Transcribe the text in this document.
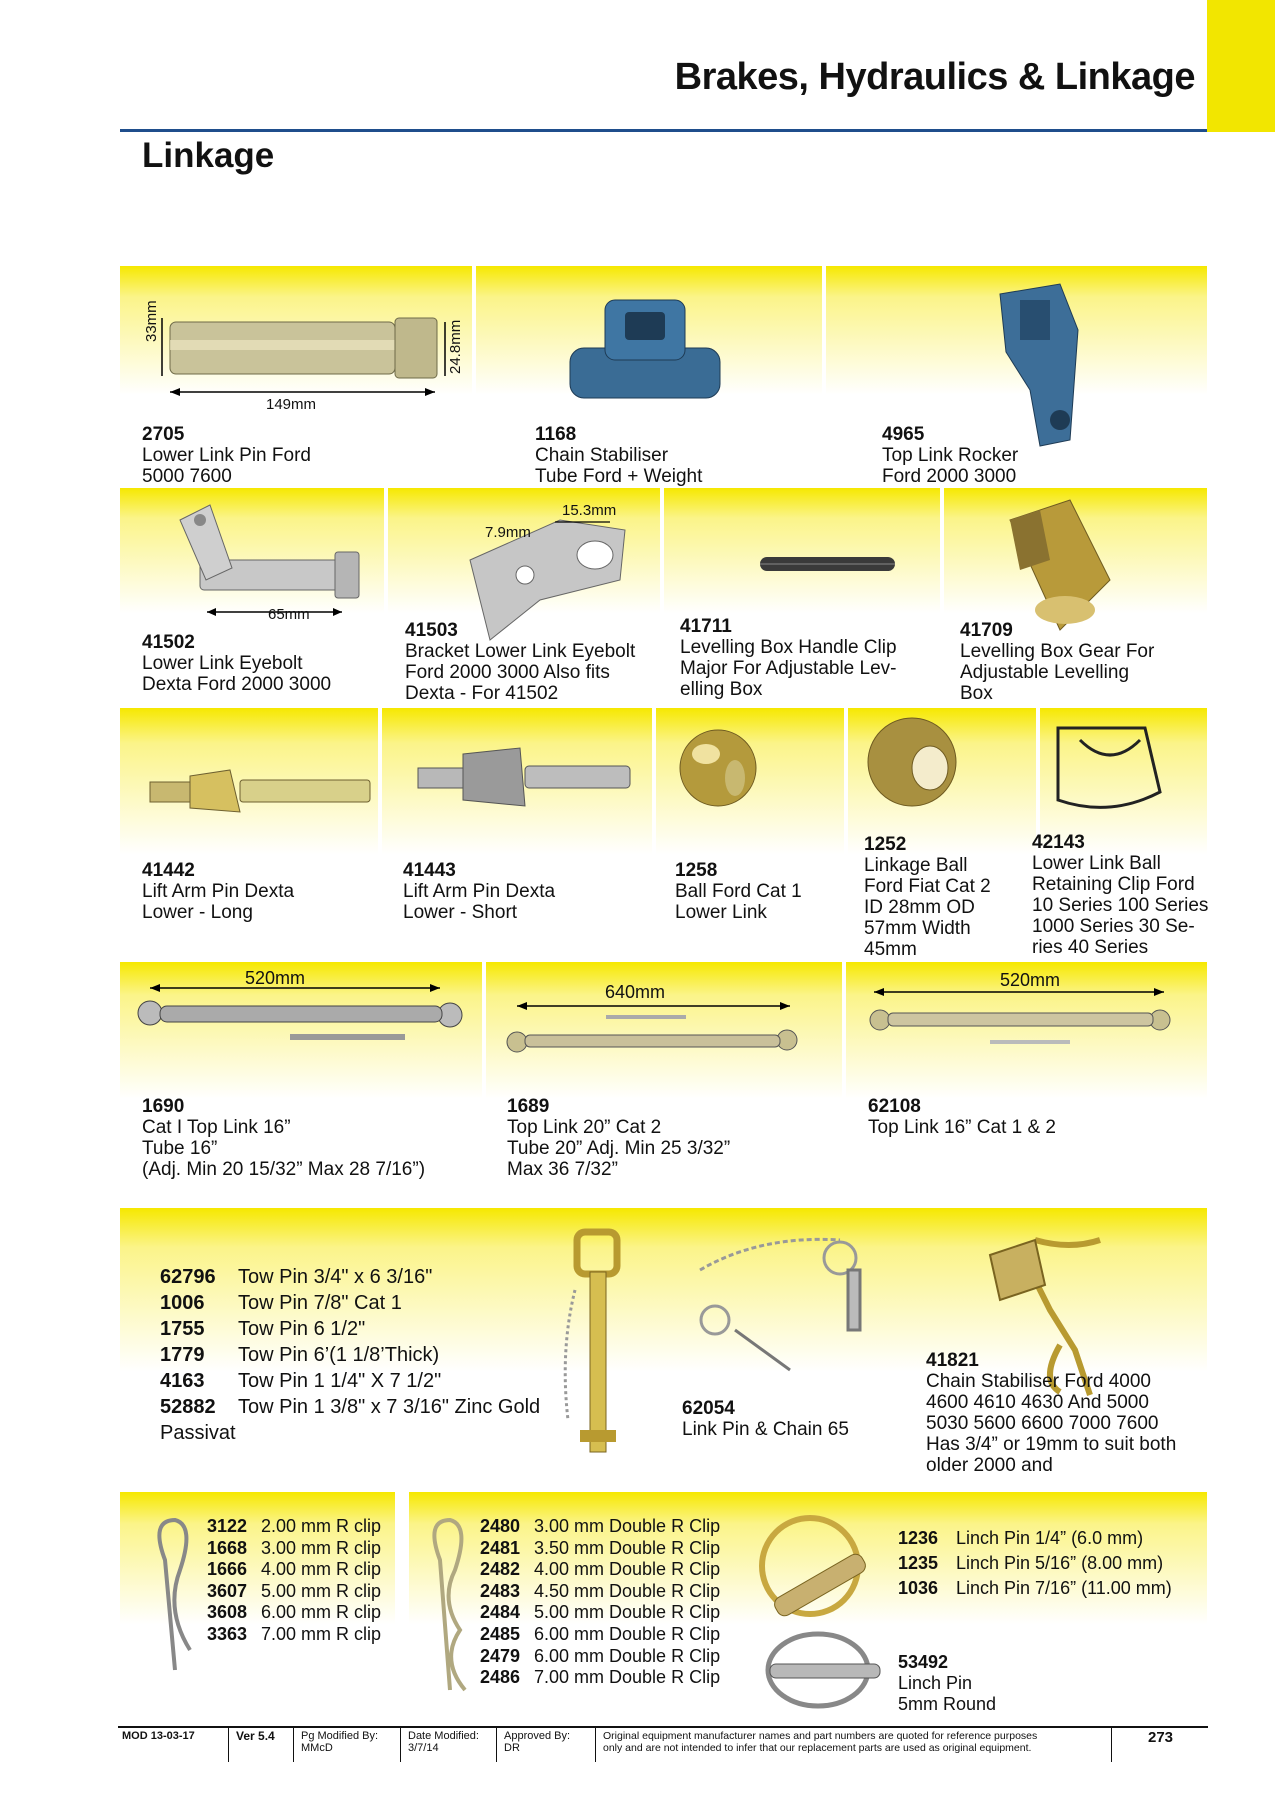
Brakes, Hydraulics & Linkage
Linkage
33mm	24.8mm
149mm
2705
Lower Link Pin Ford
5000 7600
1168
Chain Stabiliser
Tube Ford + Weight
4965
Top Link Rocker
Ford 2000 3000
65mm
7.9mm
15.3mm
41502
Lower Link Eyebolt
Dexta Ford 2000 3000
41503
Bracket Lower Link Eyebolt
Ford 2000 3000 Also fits
Dexta - For 41502
41711
Levelling Box Handle Clip
Major For Adjustable Lev-
elling Box
41709
Levelling Box Gear For
Adjustable Levelling
Box
41442
Lift Arm Pin Dexta
Lower - Long
41443
Lift Arm Pin Dexta
Lower - Short
1258
Ball Ford Cat 1
Lower Link
1252
Linkage Ball
Ford Fiat Cat 2
ID 28mm OD
57mm Width
45mm
42143
Lower Link Ball
Retaining Clip Ford
10 Series 100 Series
1000 Series 30 Se-
ries 40 Series
520mm
640mm
520mm
1690
Cat I Top Link 16”
Tube 16”
(Adj. Min 20 15/32” Max 28 7/16”)
1689
Top Link 20” Cat 2
Tube 20” Adj. Min 25 3/32”
Max 36 7/32”
62108
Top Link 16” Cat 1 & 2
62796 Tow Pin 3/4" x 6 3/16"
1006 Tow Pin 7/8" Cat 1
1755 Tow Pin 6 1/2"
1779 Tow Pin 6’(1 1/8’Thick)
4163 Tow Pin 1 1/4" X 7 1/2"
52882 Tow Pin 1 3/8" x 7 3/16" Zinc Gold
Passivat
62054
Link Pin & Chain 65
41821
Chain Stabiliser Ford 4000
4600 4610 4630 And 5000
5030 5600 6600 7000 7600
Has 3/4” or 19mm to suit both
older 2000 and
3122 2.00 mm R clip
1668 3.00 mm R clip
1666 4.00 mm R clip
3607 5.00 mm R clip
3608 6.00 mm R clip
3363 7.00 mm R clip
2480 3.00 mm Double R Clip
2481 3.50 mm Double R Clip
2482 4.00 mm Double R Clip
2483 4.50 mm Double R Clip
2484 5.00 mm Double R Clip
2485 6.00 mm Double R Clip
2479 6.00 mm Double R Clip
2486 7.00 mm Double R Clip
1236 Linch Pin 1/4” (6.0 mm)
1235 Linch Pin 5/16” (8.00 mm)
1036 Linch Pin 7/16” (11.00 mm)
53492
Linch Pin
5mm Round
MOD 13-03-17	Ver 5.4 Pg Modified By:
MMcD
Date Modified:
3/7/14
Approved By:
DR
Original equipment manufacturer names and part numbers are quoted for reference purposes
only and are not intended to infer that our replacement parts are used as original equipment.
273
